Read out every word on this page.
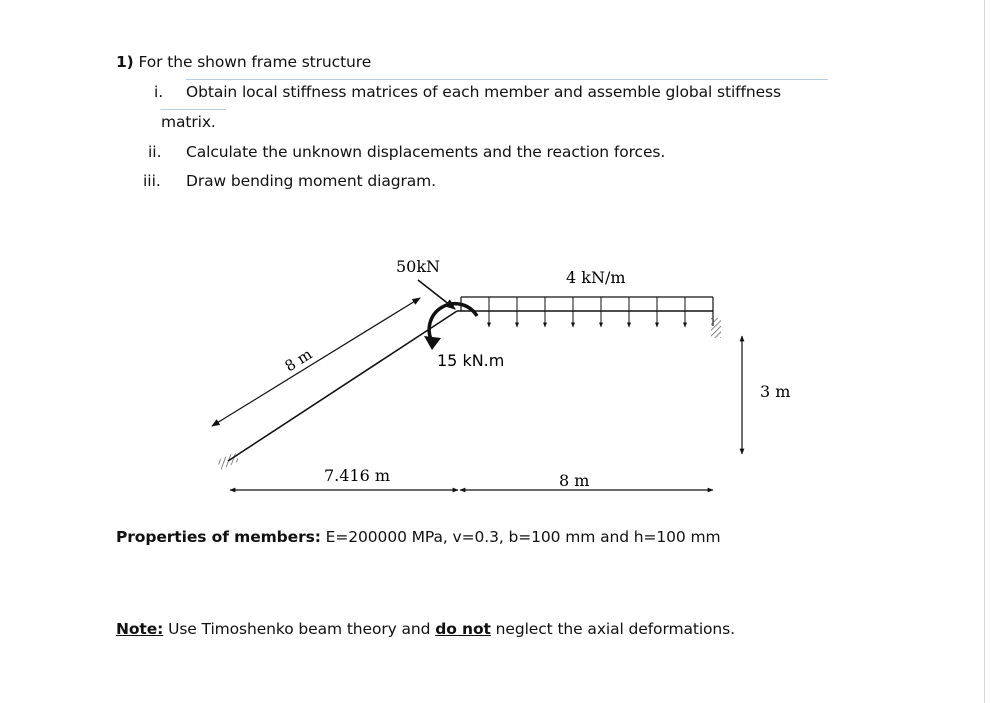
1) For the shown frame structure
i. Obtain local stiffness matrices of each member and assemble global stiffness
matrix.
ii. Calculate the unknown displacements and the reaction forces.
iii. Draw bending moment diagram.
50kN
4 kN/m
15 kN.m
8 m
3 m
7.416 m	8 m
Properties of members: E=200000 MPa, v=0.3, b=100 mm and h=100 mm
Note: Use Timoshenko beam theory and do not neglect the axial deformations.
